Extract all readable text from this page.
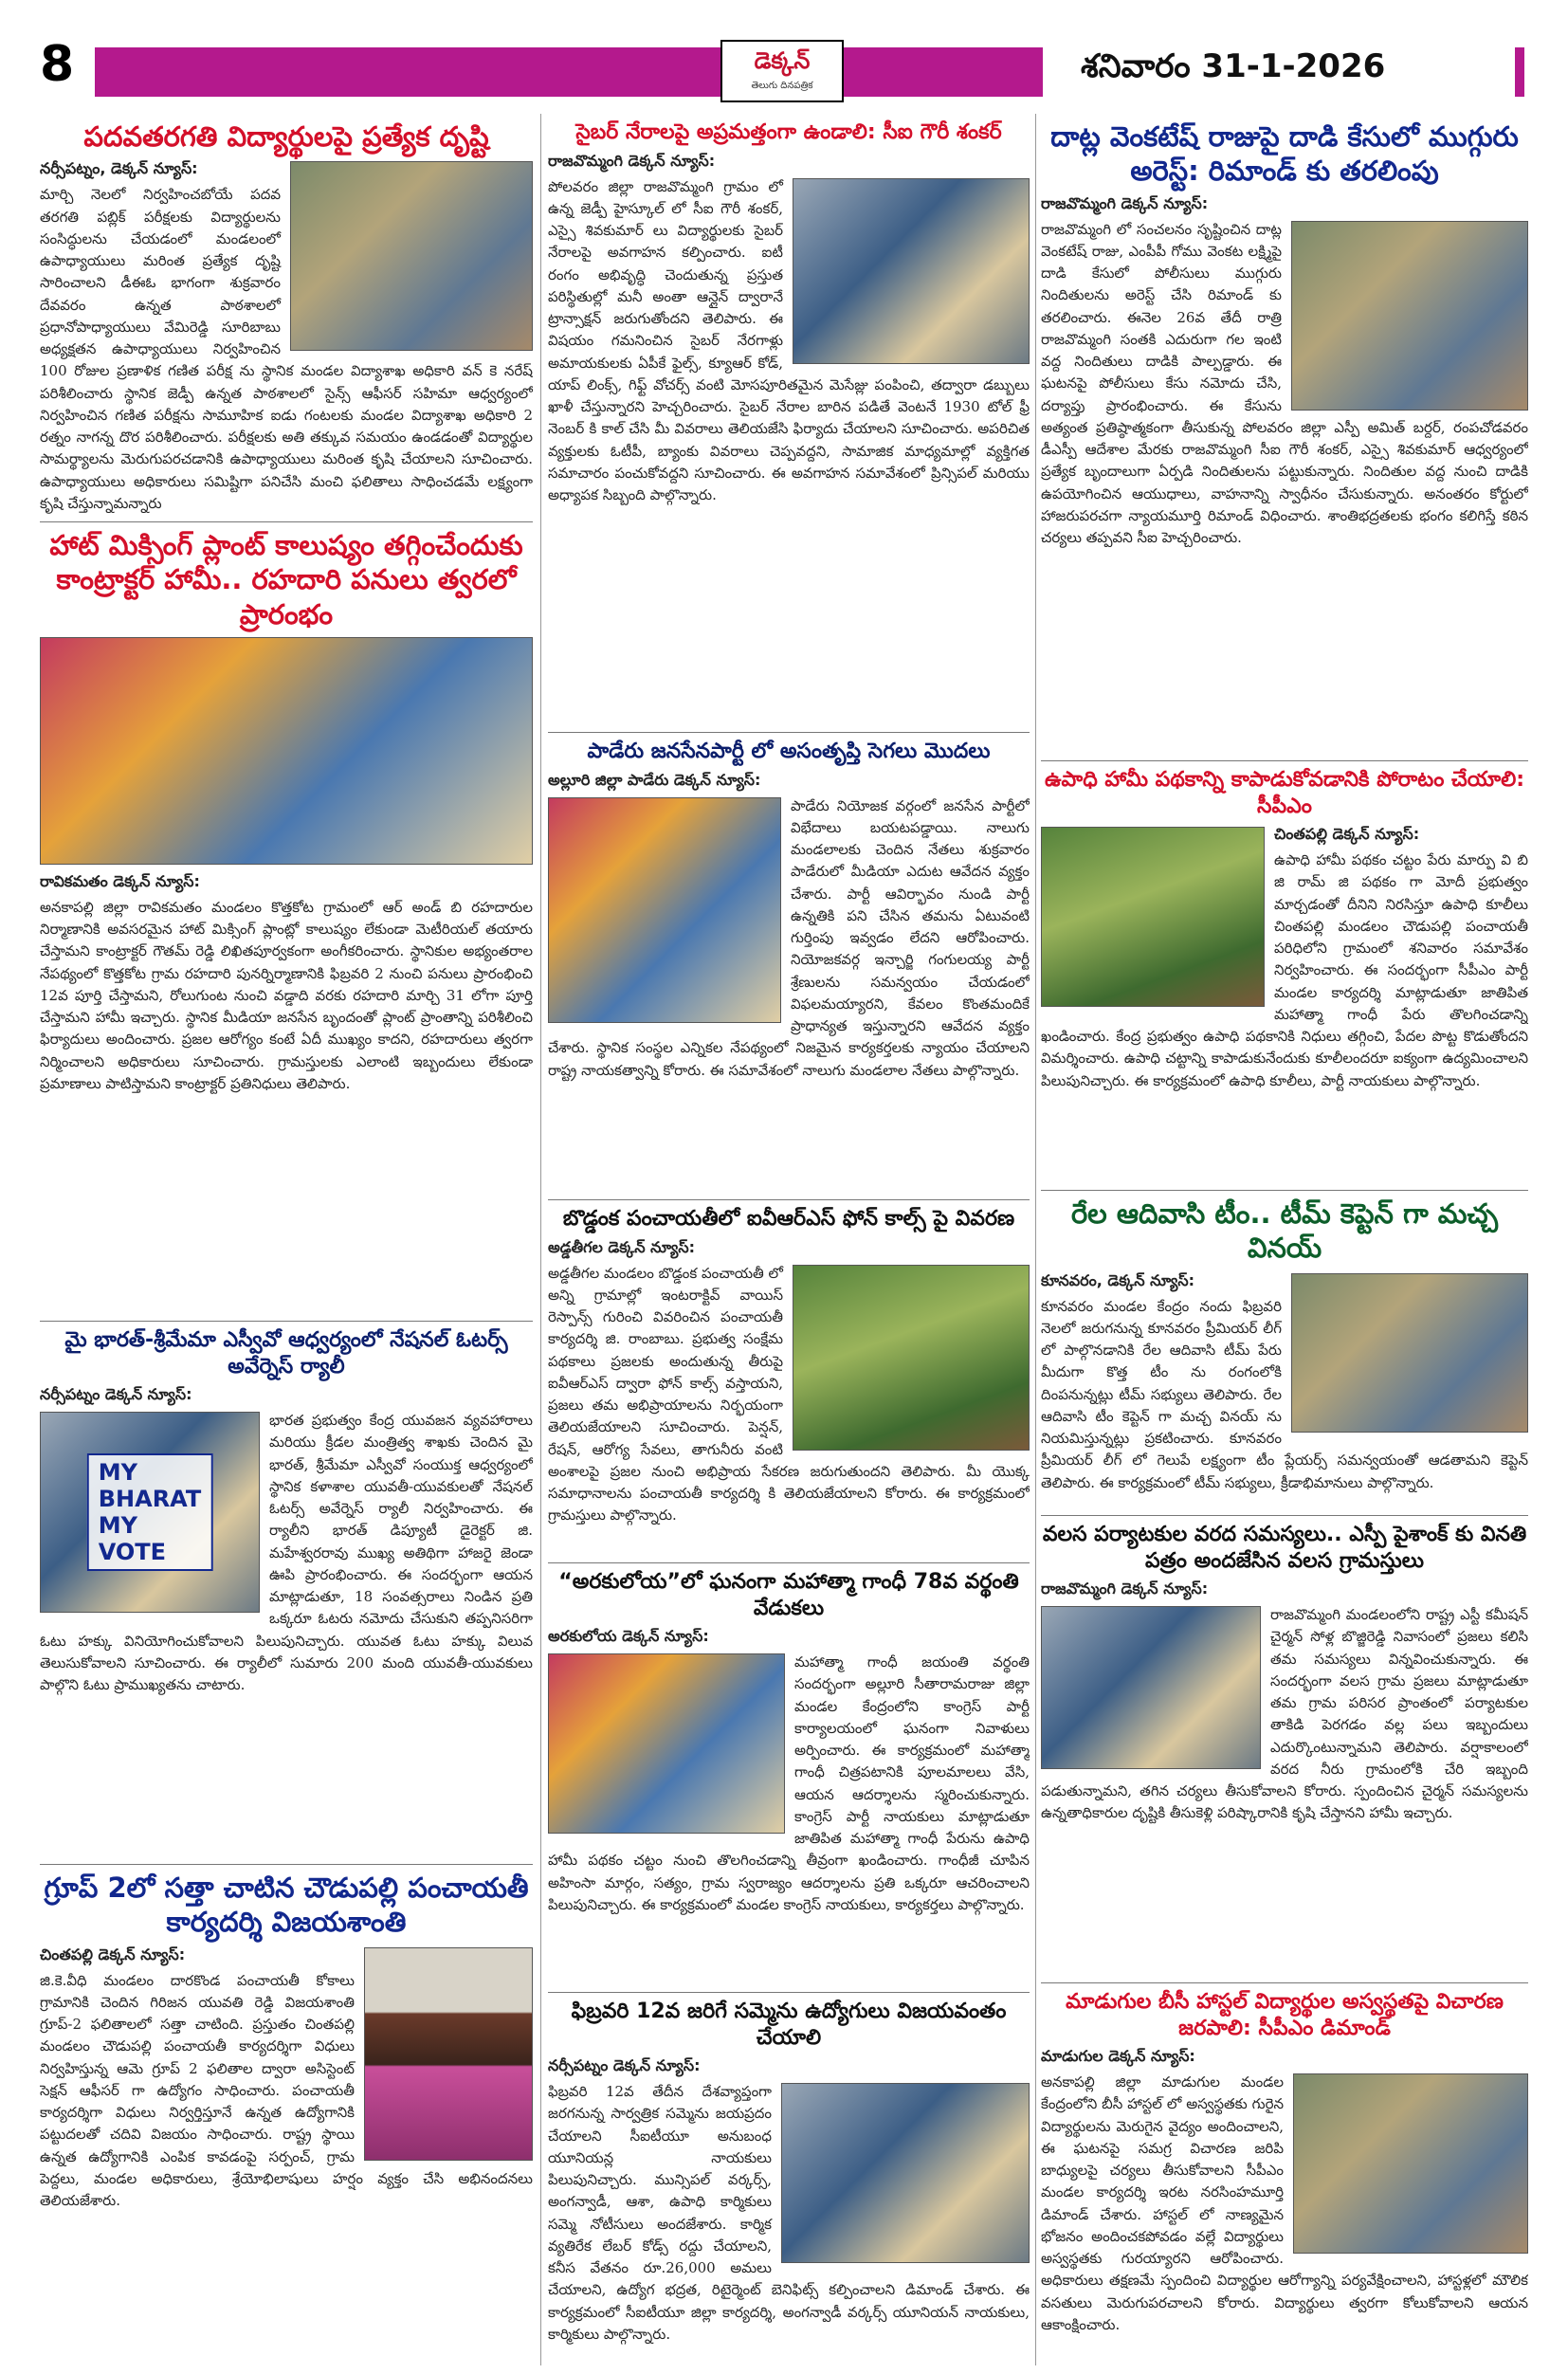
8	డెక్కన్
తెలుగు దినపత్రిక
శనివారం 31-1-2026
పదవతరగతి విద్యార్థులపై ప్రత్యేక దృష్టి
నర్సీపట్నం, డెక్కన్ న్యూస్:
మార్చి నెలలో నిర్వహించబోయే పదవ తరగతి పబ్లిక్ పరీక్షలకు విద్యార్థులను సంసిద్ధులను చేయడంలో మండలంలో ఉపాధ్యాయులు మరింత ప్రత్యేక దృష్టి సారించాలని డీఈఓ భాగంగా శుక్రవారం దేవవరం ఉన్నత పాఠశాలలో ప్రధానోపాధ్యాయులు వేమిరెడ్డి సూరిబాబు అధ్యక్షతన ఉపాధ్యాయులు నిర్వహించిన 100 రోజుల ప్రణాళిక గణిత పరీక్ష ను స్థానిక మండల విద్యాశాఖ అధికారి వన్ కె నరేష్ పరిశీలించారు స్థానిక జెడ్పీ ఉన్నత పాఠశాలలో సైన్స్ ఆఫీసర్ సహిమా ఆధ్వర్యంలో నిర్వహించిన గణిత పరీక్షను సామూహిక ఐడు గంటలకు మండల విద్యాశాఖ అధికారి 2 రత్నం నాగన్న దొర పరిశీలించారు. పరీక్షలకు అతి తక్కువ సమయం ఉండడంతో విద్యార్థుల సామర్థ్యాలను మెరుగుపరచడానికి ఉపాధ్యాయులు మరింత కృషి చేయాలని సూచించారు. ఉపాధ్యాయులు అధికారులు సమిష్టిగా పనిచేసి మంచి ఫలితాలు సాధించడమే లక్ష్యంగా కృషి చేస్తున్నామన్నారు
హాట్ మిక్సింగ్ ప్లాంట్ కాలుష్యం తగ్గించేందుకు కాంట్రాక్టర్ హామీ.. రహదారి పనులు త్వరలో ప్రారంభం
రావికమతం డెక్కన్ న్యూస్:
అనకాపల్లి జిల్లా రావికమతం మండలం కొత్తకోట గ్రామంలో ఆర్ అండ్ బి రహదారుల నిర్మాణానికి అవసరమైన హాట్ మిక్సింగ్ ప్లాంట్లో కాలుష్యం లేకుండా మెటీరియల్ తయారు చేస్తామని కాంట్రాక్టర్ గౌతమ్ రెడ్డి లిఖితపూర్వకంగా అంగీకరించారు. స్థానికుల అభ్యంతరాల నేపథ్యంలో కొత్తకోట గ్రామ రహదారి పునర్నిర్మాణానికి ఫిబ్రవరి 2 నుంచి పనులు ప్రారంభించి 12వ పూర్తి చేస్తామని, రోలుగుంట నుంచి వడ్డాది వరకు రహదారి మార్చి 31 లోగా పూర్తి చేస్తామని హామీ ఇచ్చారు. స్థానిక మీడియా జనసేన బృందంతో ప్లాంట్ ప్రాంతాన్ని పరిశీలించి ఫిర్యాదులు అందించారు. ప్రజల ఆరోగ్యం కంటే ఏదీ ముఖ్యం కాదని, రహదారులు త్వరగా నిర్మించాలని అధికారులు సూచించారు. గ్రామస్తులకు ఎలాంటి ఇబ్బందులు లేకుండా ప్రమాణాలు పాటిస్తామని కాంట్రాక్టర్ ప్రతినిధులు తెలిపారు.
మై భారత్-శ్రీమేమా ఎస్వీవో ఆధ్వర్యంలో నేషనల్ ఓటర్స్ అవేర్నెస్ ర్యాలీ
నర్సీపట్నం డెక్కన్ న్యూస్:
MY BHARAT MY VOTE
భారత ప్రభుత్వం కేంద్ర యువజన వ్యవహారాలు మరియు క్రీడల మంత్రిత్వ శాఖకు చెందిన మై భారత్, శ్రీమేమా ఎస్వీవో సంయుక్త ఆధ్వర్యంలో స్థానిక కళాశాల యువతీ-యువకులతో నేషనల్ ఓటర్స్ అవేర్నెస్ ర్యాలీ నిర్వహించారు. ఈ ర్యాలీని భారత్ డిప్యూటీ డైరెక్టర్ జి. మహేశ్వరరావు ముఖ్య అతిథిగా హాజరై జెండా ఊపి ప్రారంభించారు. ఈ సందర్భంగా ఆయన మాట్లాడుతూ, 18 సంవత్సరాలు నిండిన ప్రతి ఒక్కరూ ఓటరు నమోదు చేసుకుని తప్పనిసరిగా ఓటు హక్కు వినియోగించుకోవాలని పిలుపునిచ్చారు. యువత ఓటు హక్కు విలువ తెలుసుకోవాలని సూచించారు. ఈ ర్యాలీలో సుమారు 200 మంది యువతీ-యువకులు పాల్గొని ఓటు ప్రాముఖ్యతను చాటారు.
గ్రూప్ 2లో సత్తా చాటిన చౌడుపల్లి పంచాయతీ కార్యదర్శి విజయశాంతి
చింతపల్లి డెక్కన్ న్యూస్:
జి.కె.వీధి మండలం దారకొండ పంచాయతీ కోకాలు గ్రామానికి చెందిన గిరిజన యువతి రెడ్డి విజయశాంతి గ్రూప్-2 ఫలితాలలో సత్తా చాటింది. ప్రస్తుతం చింతపల్లి మండలం చౌడుపల్లి పంచాయతీ కార్యదర్శిగా విధులు నిర్వహిస్తున్న ఆమె గ్రూప్ 2 ఫలితాల ద్వారా అసిస్టెంట్ సెక్షన్ ఆఫీసర్ గా ఉద్యోగం సాధించారు. పంచాయతీ కార్యదర్శిగా విధులు నిర్వర్తిస్తూనే ఉన్నత ఉద్యోగానికి పట్టుదలతో చదివి విజయం సాధించారు. రాష్ట్ర స్థాయి ఉన్నత ఉద్యోగానికి ఎంపిక కావడంపై సర్పంచ్, గ్రామ పెద్దలు, మండల అధికారులు, శ్రేయోభిలాషులు హర్షం వ్యక్తం చేసి అభినందనలు తెలియజేశారు.
సైబర్ నేరాలపై అప్రమత్తంగా ఉండాలి: సీఐ గౌరీ శంకర్
రాజవొమ్మంగి డెక్కన్ న్యూస్:
పోలవరం జిల్లా రాజవొమ్మంగి గ్రామం లో ఉన్న జెడ్పీ హైస్కూల్ లో సీఐ గౌరీ శంకర్, ఎస్సై శివకుమార్ లు విద్యార్థులకు సైబర్ నేరాలపై అవగాహన కల్పించారు. ఐటీ రంగం అభివృద్ధి చెందుతున్న ప్రస్తుత పరిస్థితుల్లో మనీ అంతా ఆన్లైన్ ద్వారానే ట్రాన్సాక్షన్ జరుగుతోందని తెలిపారు. ఈ విషయం గమనించిన సైబర్ నేరగాళ్లు అమాయకులకు ఏపీకే ఫైల్స్, క్యూఆర్ కోడ్, యాప్ లింక్స్, గిఫ్ట్ వోచర్స్ వంటి మోసపూరితమైన మెసేజ్లు పంపించి, తద్వారా డబ్బులు ఖాళీ చేస్తున్నారని హెచ్చరించారు. సైబర్ నేరాల బారిన పడితే వెంటనే 1930 టోల్ ఫ్రీ నెంబర్ కి కాల్ చేసి మీ వివరాలు తెలియజేసి ఫిర్యాదు చేయాలని సూచించారు. అపరిచిత వ్యక్తులకు ఓటీపీ, బ్యాంకు వివరాలు చెప్పవద్దని, సామాజిక మాధ్యమాల్లో వ్యక్తిగత సమాచారం పంచుకోవద్దని సూచించారు. ఈ అవగాహన సమావేశంలో ప్రిన్సిపల్ మరియు అధ్యాపక సిబ్బంది పాల్గొన్నారు.
పాడేరు జనసేనపార్టీ లో అసంతృప్తి సెగలు మొదలు
అల్లూరి జిల్లా పాడేరు డెక్కన్ న్యూస్:
పాడేరు నియోజక వర్గంలో జనసేన పార్టీలో విభేదాలు బయటపడ్డాయి. నాలుగు మండలాలకు చెందిన నేతలు శుక్రవారం పాడేరులో మీడియా ఎదుట ఆవేదన వ్యక్తం చేశారు. పార్టీ ఆవిర్భావం నుండి పార్టీ ఉన్నతికి పని చేసిన తమను ఏటువంటి గుర్తింపు ఇవ్వడం లేదని ఆరోపించారు. నియోజకవర్గ ఇన్చార్జి గంగులయ్య పార్టీ శ్రేణులను సమన్వయం చేయడంలో విఫలమయ్యారని, కేవలం కొంతమందికే ప్రాధాన్యత ఇస్తున్నారని ఆవేదన వ్యక్తం చేశారు. స్థానిక సంస్థల ఎన్నికల నేపథ్యంలో నిజమైన కార్యకర్తలకు న్యాయం చేయాలని రాష్ట్ర నాయకత్వాన్ని కోరారు. ఈ సమావేశంలో నాలుగు మండలాల నేతలు పాల్గొన్నారు.
బొడ్డంక పంచాయతీలో ఐవీఆర్ఎస్ ఫోన్ కాల్స్ పై వివరణ
అడ్డతీగల డెక్కన్ న్యూస్:
అడ్డతీగల మండలం బొడ్డంక పంచాయతీ లో అన్ని గ్రామాల్లో ఇంటరాక్టివ్ వాయిస్ రెస్పాన్స్ గురించి వివరించిన పంచాయతీ కార్యదర్శి జి. రాంబాబు. ప్రభుత్వ సంక్షేమ పథకాలు ప్రజలకు అందుతున్న తీరుపై ఐవీఆర్ఎస్ ద్వారా ఫోన్ కాల్స్ వస్తాయని, ప్రజలు తమ అభిప్రాయాలను నిర్భయంగా తెలియజేయాలని సూచించారు. పెన్షన్, రేషన్, ఆరోగ్య సేవలు, తాగునీరు వంటి అంశాలపై ప్రజల నుంచి అభిప్రాయ సేకరణ జరుగుతుందని తెలిపారు. మీ యొక్క సమాధానాలను పంచాయతీ కార్యదర్శి కి తెలియజేయాలని కోరారు. ఈ కార్యక్రమంలో గ్రామస్తులు పాల్గొన్నారు.
“అరకులోయ”లో ఘనంగా మహాత్మా గాంధీ 78వ వర్థంతి వేడుకలు
అరకులోయ డెక్కన్ న్యూస్:
మహాత్మా గాంధీ జయంతి వర్థంతి సందర్భంగా అల్లూరి సీతారామరాజు జిల్లా మండల కేంద్రంలోని కాంగ్రెస్ పార్టీ కార్యాలయంలో ఘనంగా నివాళులు అర్పించారు. ఈ కార్యక్రమంలో మహాత్మా గాంధీ చిత్రపటానికి పూలమాలలు వేసి, ఆయన ఆదర్శాలను స్మరించుకున్నారు. కాంగ్రెస్ పార్టీ నాయకులు మాట్లాడుతూ జాతిపిత మహాత్మా గాంధీ పేరును ఉపాధి హామీ పథకం చట్టం నుంచి తొలగించడాన్ని తీవ్రంగా ఖండించారు. గాంధీజీ చూపిన అహింసా మార్గం, సత్యం, గ్రామ స్వరాజ్యం ఆదర్శాలను ప్రతి ఒక్కరూ ఆచరించాలని పిలుపునిచ్చారు. ఈ కార్యక్రమంలో మండల కాంగ్రెస్ నాయకులు, కార్యకర్తలు పాల్గొన్నారు.
ఫిబ్రవరి 12వ జరిగే సమ్మెను ఉద్యోగులు విజయవంతం చేయాలి
నర్సీపట్నం డెక్కన్ న్యూస్:
ఫిబ్రవరి 12వ తేదీన దేశవ్యాప్తంగా జరగనున్న సార్వత్రిక సమ్మెను జయప్రదం చేయాలని సీఐటీయూ అనుబంధ యూనియన్ల నాయకులు పిలుపునిచ్చారు. మున్సిపల్ వర్కర్స్, అంగన్వాడీ, ఆశా, ఉపాధి కార్మికులు సమ్మె నోటీసులు అందజేశారు. కార్మిక వ్యతిరేక లేబర్ కోడ్స్ రద్దు చేయాలని, కనీస వేతనం రూ.26,000 అమలు చేయాలని, ఉద్యోగ భద్రత, రిటైర్మెంట్ బెనిఫిట్స్ కల్పించాలని డిమాండ్ చేశారు. ఈ కార్యక్రమంలో సీఐటీయూ జిల్లా కార్యదర్శి, అంగన్వాడీ వర్కర్స్ యూనియన్ నాయకులు, కార్మికులు పాల్గొన్నారు.
దాట్ల వెంకటేష్ రాజుపై దాడి కేసులో ముగ్గురు అరెస్ట్: రిమాండ్ కు తరలింపు
రాజవొమ్మంగి డెక్కన్ న్యూస్:
రాజవొమ్మంగి లో సంచలనం సృష్టించిన దాట్ల వెంకటేష్ రాజు, ఎంపీపీ గోము వెంకట లక్ష్మిపై దాడి కేసులో పోలీసులు ముగ్గురు నిందితులను అరెస్ట్ చేసి రిమాండ్ కు తరలించారు. ఈనెల 26వ తేదీ రాత్రి రాజవొమ్మంగి సంతకి ఎదురుగా గల ఇంటి వద్ద నిందితులు దాడికి పాల్పడ్డారు. ఈ ఘటనపై పోలీసులు కేసు నమోదు చేసి, దర్యాప్తు ప్రారంభించారు. ఈ కేసును అత్యంత ప్రతిష్ఠాత్మకంగా తీసుకున్న పోలవరం జిల్లా ఎస్పీ అమిత్ బర్దర్, రంపచోడవరం డీఎస్పీ ఆదేశాల మేరకు రాజవొమ్మంగి సీఐ గౌరీ శంకర్, ఎస్సై శివకుమార్ ఆధ్వర్యంలో ప్రత్యేక బృందాలుగా ఏర్పడి నిందితులను పట్టుకున్నారు. నిందితుల వద్ద నుంచి దాడికి ఉపయోగించిన ఆయుధాలు, వాహనాన్ని స్వాధీనం చేసుకున్నారు. అనంతరం కోర్టులో హాజరుపరచగా న్యాయమూర్తి రిమాండ్ విధించారు. శాంతిభద్రతలకు భంగం కలిగిస్తే కఠిన చర్యలు తప్పవని సీఐ హెచ్చరించారు.
ఉపాధి హామీ పథకాన్ని కాపాడుకోవడానికి పోరాటం చేయాలి: సీపీఎం
చింతపల్లి డెక్కన్ న్యూస్:
ఉపాధి హామీ పథకం చట్టం పేరు మార్పు వి బి జి రామ్ జి పథకం గా మోదీ ప్రభుత్వం మార్చడంతో దీనిని నిరసిస్తూ ఉపాధి కూలీలు చింతపల్లి మండలం చౌడుపల్లి పంచాయతీ పరిధిలోని గ్రామంలో శనివారం సమావేశం నిర్వహించారు. ఈ సందర్భంగా సీపీఎం పార్టీ మండల కార్యదర్శి మాట్లాడుతూ జాతిపిత మహాత్మా గాంధీ పేరు తొలగించడాన్ని ఖండించారు. కేంద్ర ప్రభుత్వం ఉపాధి పథకానికి నిధులు తగ్గించి, పేదల పొట్ట కొడుతోందని విమర్శించారు. ఉపాధి చట్టాన్ని కాపాడుకునేందుకు కూలీలందరూ ఐక్యంగా ఉద్యమించాలని పిలుపునిచ్చారు. ఈ కార్యక్రమంలో ఉపాధి కూలీలు, పార్టీ నాయకులు పాల్గొన్నారు.
రేల ఆదివాసి టీం.. టీమ్ కెప్టెన్ గా మచ్చ వినయ్
కూనవరం, డెక్కన్ న్యూస్:
కూనవరం మండల కేంద్రం నందు ఫిబ్రవరి నెలలో జరుగనున్న కూనవరం ప్రీమియర్ లీగ్ లో పాల్గొనడానికి రేల ఆదివాసి టీమ్ పేరు మీదుగా కొత్త టీం ను రంగంలోకి దింపనున్నట్లు టీమ్ సభ్యులు తెలిపారు. రేల ఆదివాసి టీం కెప్టెన్ గా మచ్చ వినయ్ ను నియమిస్తున్నట్లు ప్రకటించారు. కూనవరం ప్రీమియర్ లీగ్ లో గెలుపే లక్ష్యంగా టీం ప్లేయర్స్ సమన్వయంతో ఆడతామని కెప్టెన్ తెలిపారు. ఈ కార్యక్రమంలో టీమ్ సభ్యులు, క్రీడాభిమానులు పాల్గొన్నారు.
వలస పర్యాటకుల వరద సమస్యలు.. ఎస్పీ పైశాంక్ కు వినతి పత్రం అందజేసిన వలస గ్రామస్తులు
రాజవొమ్మంగి డెక్కన్ న్యూస్:
రాజవొమ్మంగి మండలంలోని రాష్ట్ర ఎస్టీ కమీషన్ చైర్మన్ సోళ్ల బొజ్జిరెడ్డి నివాసంలో ప్రజలు కలిసి తమ సమస్యలు విన్నవించుకున్నారు. ఈ సందర్భంగా వలస గ్రామ ప్రజలు మాట్లాడుతూ తమ గ్రామ పరిసర ప్రాంతంలో పర్యాటకుల తాకిడి పెరగడం వల్ల పలు ఇబ్బందులు ఎదుర్కొంటున్నామని తెలిపారు. వర్షాకాలంలో వరద నీరు గ్రామంలోకి చేరి ఇబ్బంది పడుతున్నామని, తగిన చర్యలు తీసుకోవాలని కోరారు. స్పందించిన చైర్మన్ సమస్యలను ఉన్నతాధికారుల దృష్టికి తీసుకెళ్లి పరిష్కారానికి కృషి చేస్తానని హామీ ఇచ్చారు.
మాడుగుల బీసీ హాస్టల్ విద్యార్థుల అస్వస్థతపై విచారణ జరపాలి: సీపీఎం డిమాండ్
మాడుగుల డెక్కన్ న్యూస్:
అనకాపల్లి జిల్లా మాడుగుల మండల కేంద్రంలోని బీసీ హాస్టల్ లో అస్వస్థతకు గురైన విద్యార్థులను మెరుగైన వైద్యం అందించాలని, ఈ ఘటనపై సమగ్ర విచారణ జరిపి బాధ్యులపై చర్యలు తీసుకోవాలని సీపీఎం మండల కార్యదర్శి ఇరట నరసింహమూర్తి డిమాండ్ చేశారు. హాస్టల్ లో నాణ్యమైన భోజనం అందించకపోవడం వల్లే విద్యార్థులు అస్వస్థతకు గురయ్యారని ఆరోపించారు. అధికారులు తక్షణమే స్పందించి విద్యార్థుల ఆరోగ్యాన్ని పర్యవేక్షించాలని, హాస్టళ్లలో మౌలిక వసతులు మెరుగుపరచాలని కోరారు. విద్యార్థులు త్వరగా కోలుకోవాలని ఆయన ఆకాంక్షించారు.
